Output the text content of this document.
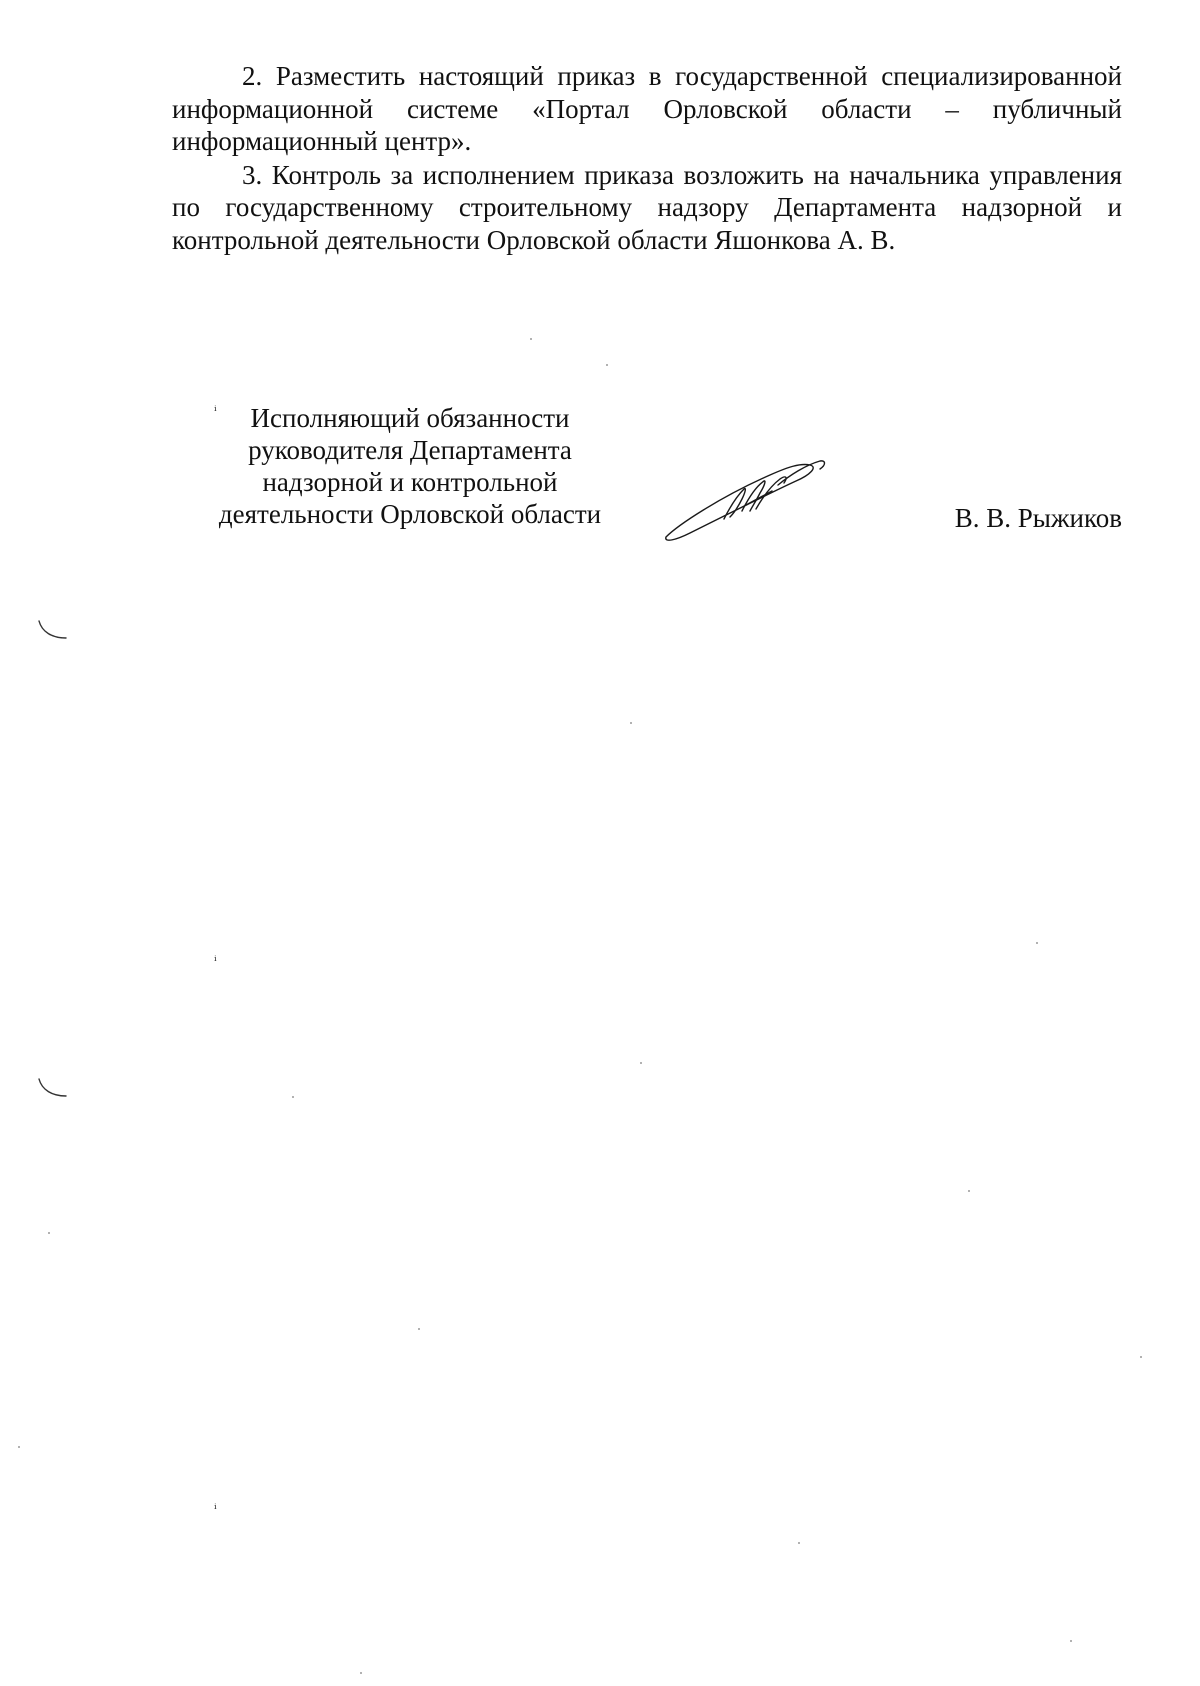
2. Разместить настоящий приказ в государственной специализированной информационной системе «Портал Орловской области – публичный информационный центр».

3. Контроль за исполнением приказа возложить на начальника управления по государственному строительному надзору Департамента надзорной и контрольной деятельности Орловской области Яшонкова А. В.

Исполняющий обязанности
руководителя Департамента
надзорной и контрольной
деятельности Орловской области	В. В. Рыжиков
ⁱ
ⁱ
ⁱ
